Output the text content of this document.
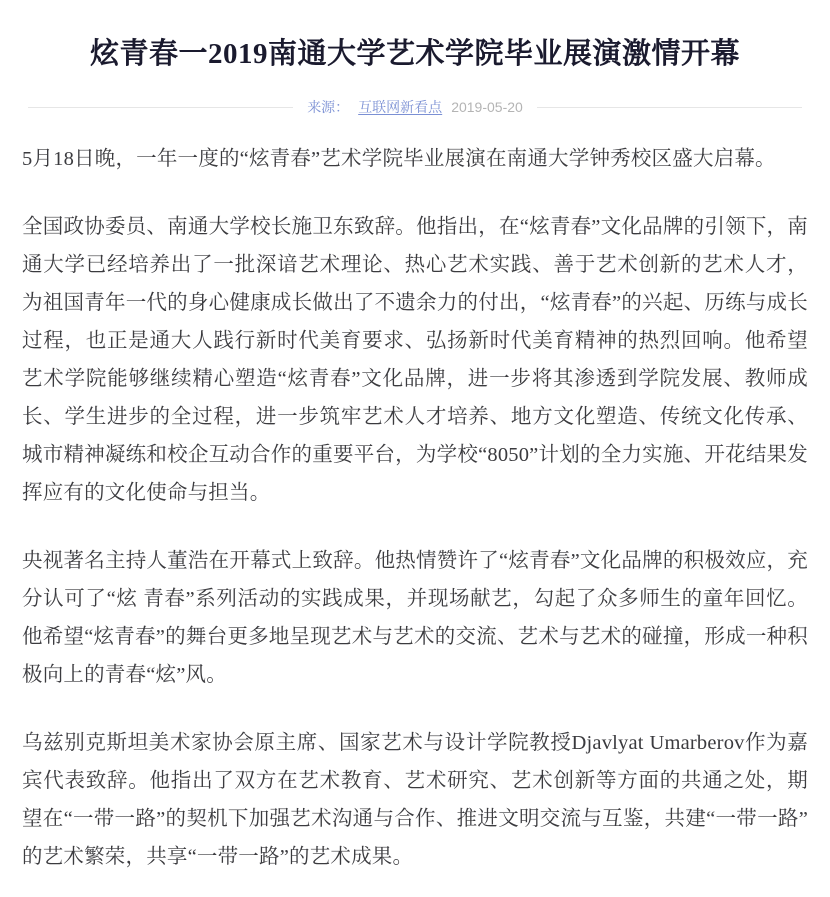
炫青春一2019南通大学艺术学院毕业展演激情开幕
来源： 互联网新看点 2019-05-20

5月18日晚，一年一度的“炫青春”艺术学院毕业展演在南通大学钟秀校区盛大启幕。

全国政协委员、南通大学校长施卫东致辞。他指出，在“炫青春”文化品牌的引领下，南通大学已经培养出了一批深谙艺术理论、热心艺术实践、善于艺术创新的艺术人才，为祖国青年一代的身心健康成长做出了不遗余力的付出，“炫青春”的兴起、历练与成长过程，也正是通大人践行新时代美育要求、弘扬新时代美育精神的热烈回响。他希望艺术学院能够继续精心塑造“炫青春”文化品牌，进一步将其渗透到学院发展、教师成长、学生进步的全过程，进一步筑牢艺术人才培养、地方文化塑造、传统文化传承、城市精神凝练和校企互动合作的重要平台，为学校“8050”计划的全力实施、开花结果发挥应有的文化使命与担当。

央视著名主持人董浩在开幕式上致辞。他热情赞许了“炫青春”文化品牌的积极效应，充分认可了“炫 青春”系列活动的实践成果，并现场献艺，勾起了众多师生的童年回忆。他希望“炫青春”的舞台更多地呈现艺术与艺术的交流、艺术与艺术的碰撞，形成一种积极向上的青春“炫”风。

乌兹别克斯坦美术家协会原主席、国家艺术与设计学院教授Djavlyat Umarberov作为嘉宾代表致辞。他指出了双方在艺术教育、艺术研究、艺术创新等方面的共通之处，期望在“一带一路”的契机下加强艺术沟通与合作、推进文明交流与互鉴，共建“一带一路”的艺术繁荣，共享“一带一路”的艺术成果。
